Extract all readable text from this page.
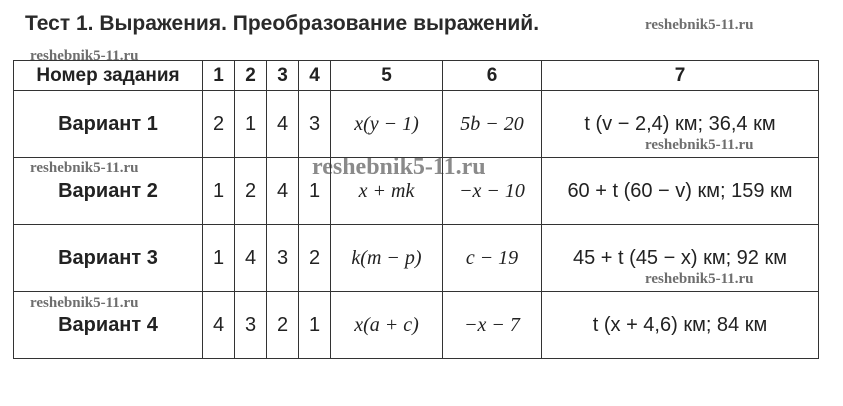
Тест 1. Выражения. Преобразование выражений.	reshebnik5-11.ru
reshebnik5-11.ru
reshebnik5-11.ru
reshebnik5-11.ru	reshebnik5-11.ru
reshebnik5-11.ru
reshebnik5-11.ru
Номер задания	1	2	3	4	5	6	7
Вариант 1	2	1	4	3	x(y − 1)	5b − 20	t (v − 2,4) км; 36,4 км
Вариант 2	1	2	4	1	x + mk	−x − 10	60 + t (60 − v) км; 159 км
Вариант 3	1	4	3	2	k(m − p)	c − 19	45 + t (45 − x) км; 92 км
Вариант 4	4	3	2	1	x(a + c)	−x − 7	t (x + 4,6) км; 84 км
